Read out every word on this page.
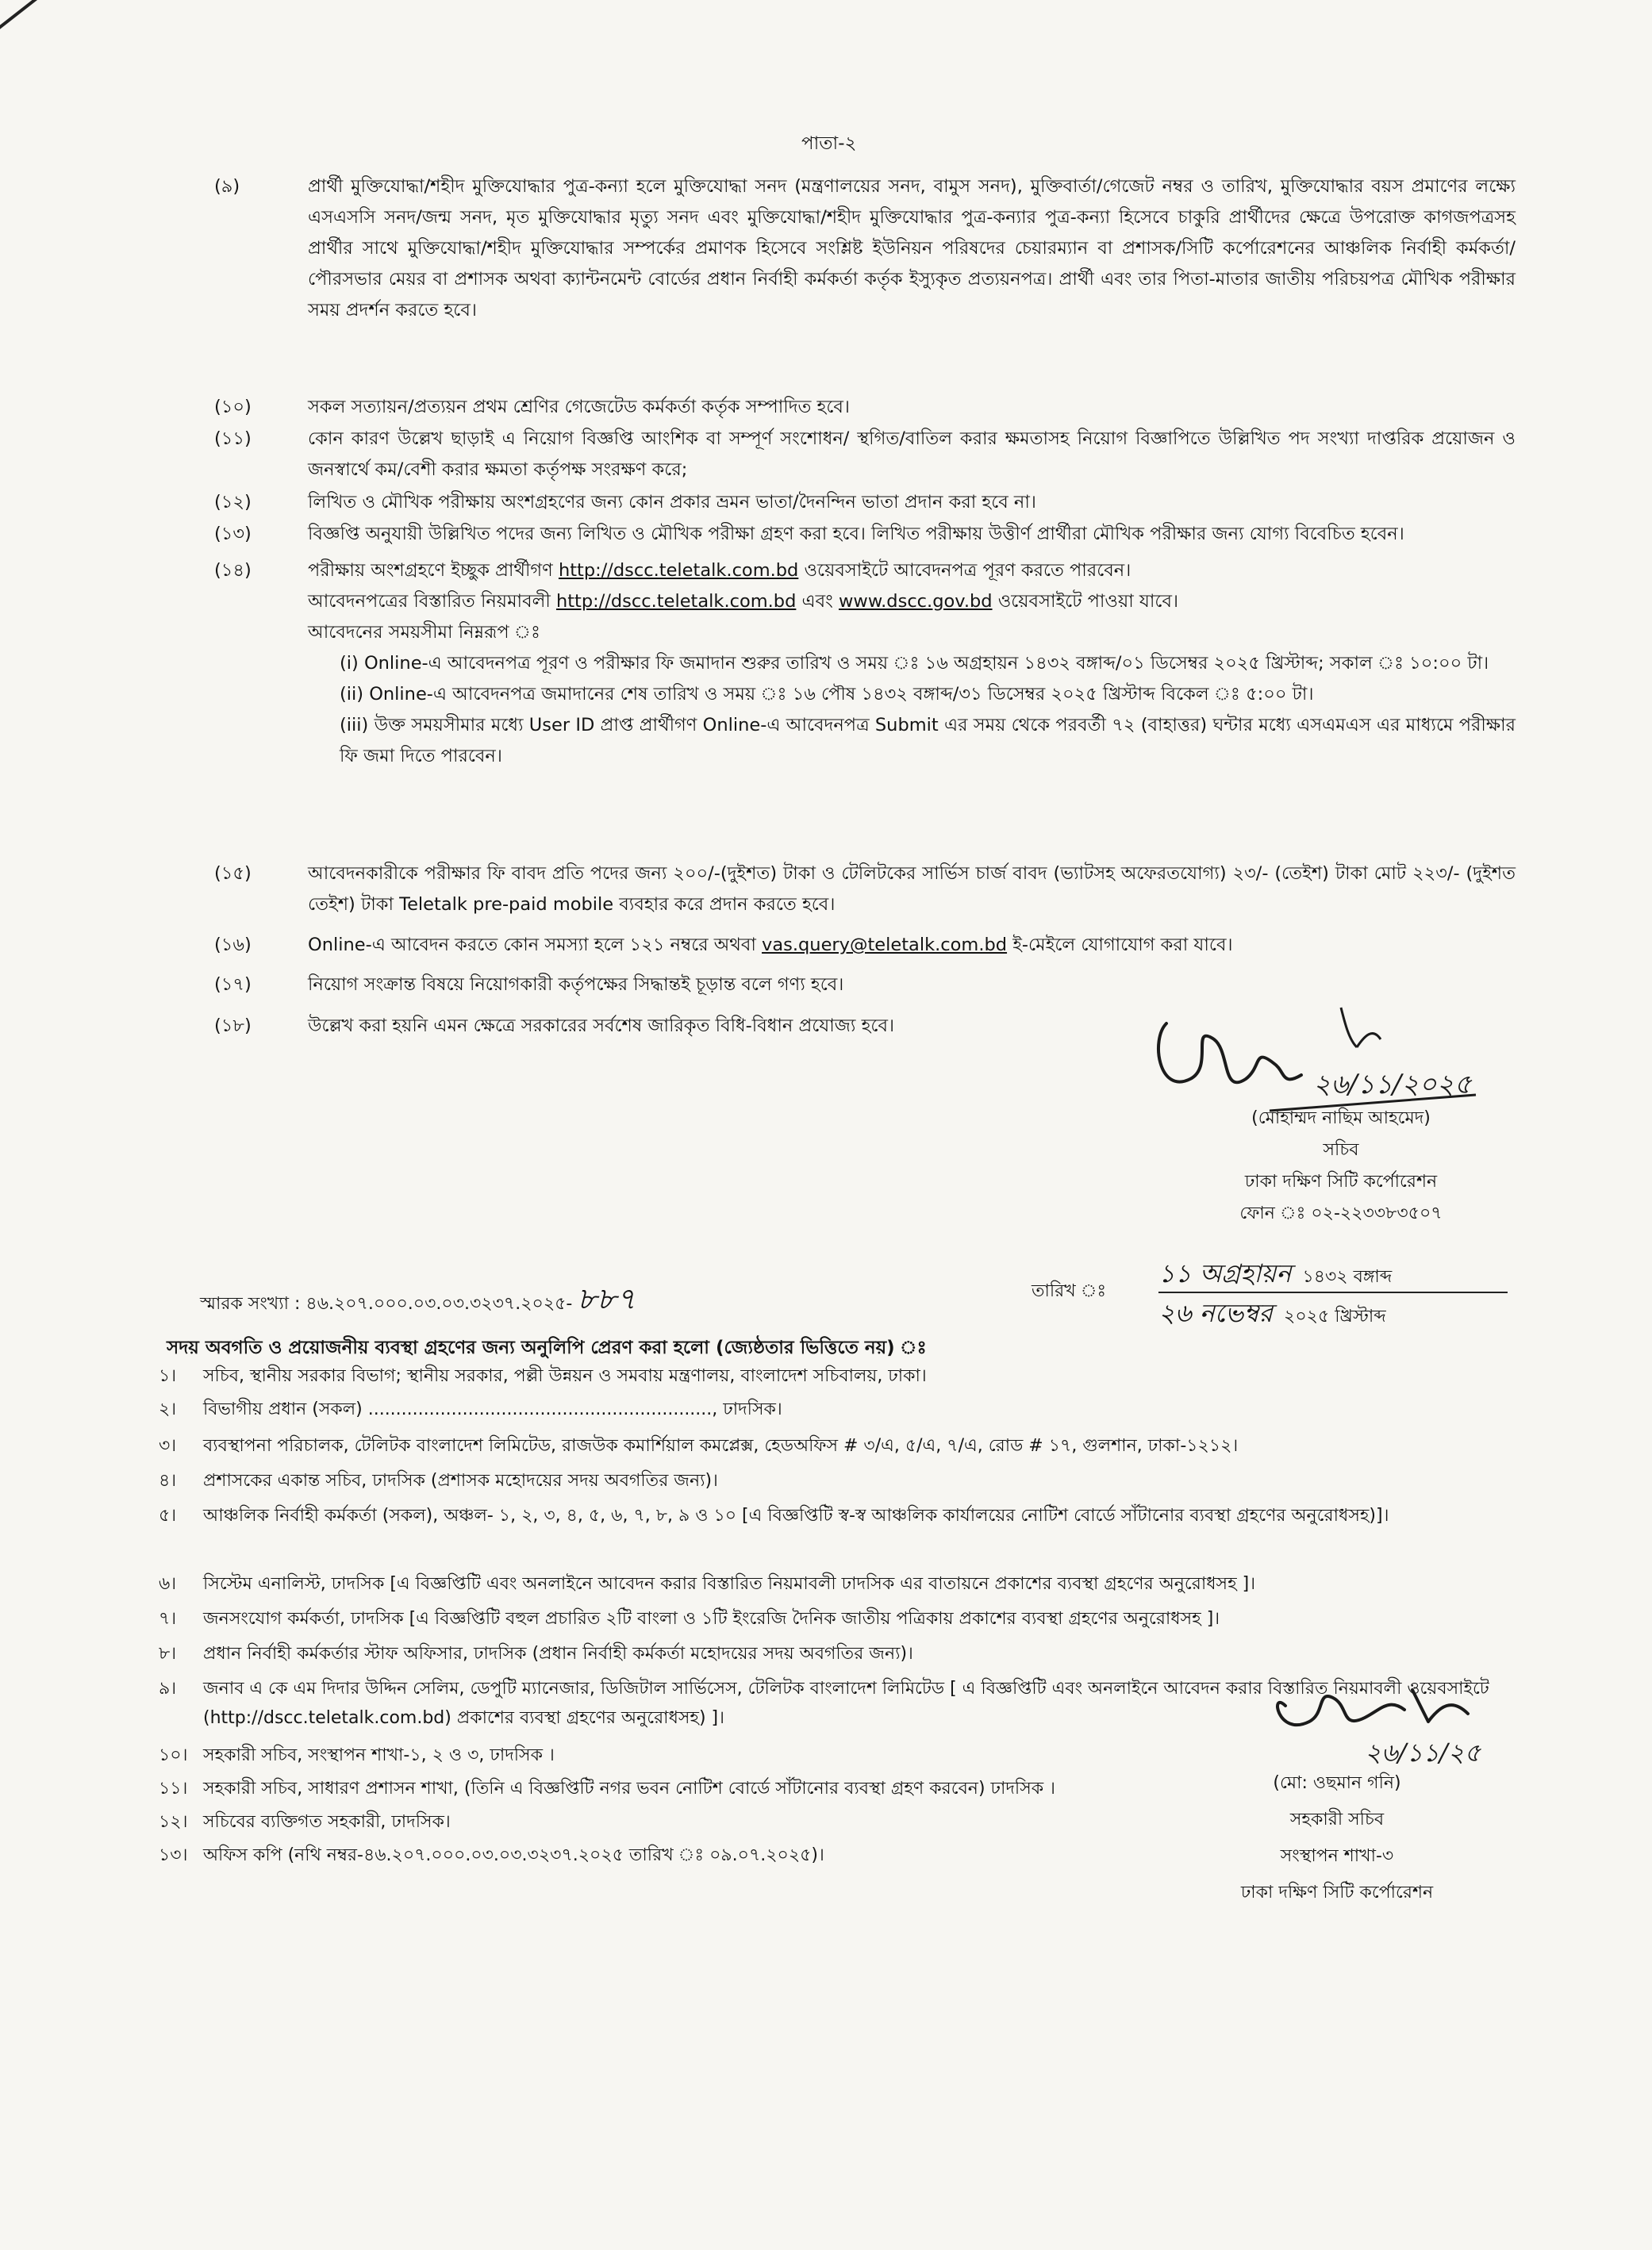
পাতা-২
(৯)	প্রার্থী মুক্তিযোদ্ধা/শহীদ মুক্তিযোদ্ধার পুত্র-কন্যা হলে মুক্তিযোদ্ধা সনদ (মন্ত্রণালয়ের সনদ, বামুস সনদ), মুক্তিবার্তা/গেজেট নম্বর ও তারিখ, মুক্তিযোদ্ধার বয়স প্রমাণের লক্ষ্যে এসএসসি সনদ/জন্ম সনদ, মৃত মুক্তিযোদ্ধার মৃত্যু সনদ এবং মুক্তিযোদ্ধা/শহীদ মুক্তিযোদ্ধার পুত্র-কন্যার পুত্র-কন্যা হিসেবে চাকুরি প্রার্থীদের ক্ষেত্রে উপরোক্ত কাগজপত্রসহ প্রার্থীর সাথে মুক্তিযোদ্ধা/শহীদ মুক্তিযোদ্ধার সম্পর্কের প্রমাণক হিসেবে সংশ্লিষ্ট ইউনিয়ন পরিষদের চেয়ারম্যান বা প্রশাসক/সিটি কর্পোরেশনের আঞ্চলিক নির্বাহী কর্মকর্তা/পৌরসভার মেয়র বা প্রশাসক অথবা ক্যান্টনমেন্ট বোর্ডের প্রধান নির্বাহী কর্মকর্তা কর্তৃক ইস্যুকৃত প্রত্যয়নপত্র। প্রার্থী এবং তার পিতা-মাতার জাতীয় পরিচয়পত্র মৌখিক পরীক্ষার সময় প্রদর্শন করতে হবে।
(১০)	সকল সত্যায়ন/প্রত্যয়ন প্রথম শ্রেণির গেজেটেড কর্মকর্তা কর্তৃক সম্পাদিত হবে।
(১১)	কোন কারণ উল্লেখ ছাড়াই এ নিয়োগ বিজ্ঞপ্তি আংশিক বা সম্পূর্ণ সংশোধন/ স্থগিত/বাতিল করার ক্ষমতাসহ নিয়োগ বিজ্ঞাপিতে উল্লিখিত পদ সংখ্যা দাপ্তরিক প্রয়োজন ও জনস্বার্থে কম/বেশী করার ক্ষমতা কর্তৃপক্ষ সংরক্ষণ করে;
(১২)	লিখিত ও মৌখিক পরীক্ষায় অংশগ্রহণের জন্য কোন প্রকার ভ্রমন ভাতা/দৈনন্দিন ভাতা প্রদান করা হবে না।
(১৩)	বিজ্ঞপ্তি অনুযায়ী উল্লিখিত পদের জন্য লিখিত ও মৌখিক পরীক্ষা গ্রহণ করা হবে। লিখিত পরীক্ষায় উত্তীর্ণ প্রার্থীরা মৌখিক পরীক্ষার জন্য যোগ্য বিবেচিত হবেন।
(১৪)	পরীক্ষায় অংশগ্রহণে ইচ্ছুক প্রার্থীগণ http://dscc.teletalk.com.bd ওয়েবসাইটে আবেদনপত্র পূরণ করতে পারবেন।
আবেদনপত্রের বিস্তারিত নিয়মাবলী http://dscc.teletalk.com.bd এবং www.dscc.gov.bd ওয়েবসাইটে পাওয়া যাবে।
আবেদনের সময়সীমা নিম্নরূপ ঃ
(i) Online-এ আবেদনপত্র পূরণ ও পরীক্ষার ফি জমাদান শুরুর তারিখ ও সময় ঃ ১৬ অগ্রহায়ন ১৪৩২ বঙ্গাব্দ/০১ ডিসেম্বর ২০২৫ খ্রিস্টাব্দ; সকাল ঃ ১০:০০ টা।
(ii) Online-এ আবেদনপত্র জমাদানের শেষ তারিখ ও সময় ঃ ১৬ পৌষ ১৪৩২ বঙ্গাব্দ/৩১ ডিসেম্বর ২০২৫ খ্রিস্টাব্দ বিকেল ঃ ৫:০০ টা।
(iii) উক্ত সময়সীমার মধ্যে User ID প্রাপ্ত প্রার্থীগণ Online-এ আবেদনপত্র Submit এর সময় থেকে পরবর্তী ৭২ (বাহাত্তর) ঘন্টার মধ্যে এসএমএস এর মাধ্যমে পরীক্ষার ফি জমা দিতে পারবেন।
(১৫)	আবেদনকারীকে পরীক্ষার ফি বাবদ প্রতি পদের জন্য ২০০/-(দুইশত) টাকা ও টেলিটকের সার্ভিস চার্জ বাবদ (ভ্যাটসহ অফেরতযোগ্য) ২৩/- (তেইশ) টাকা মোট ২২৩/- (দুইশত তেইশ) টাকা Teletalk pre-paid mobile ব্যবহার করে প্রদান করতে হবে।
(১৬)	Online-এ আবেদন করতে কোন সমস্যা হলে ১২১ নম্বরে অথবা vas.query@teletalk.com.bd ই-মেইলে যোগাযোগ করা যাবে।
(১৭)	নিয়োগ সংক্রান্ত বিষয়ে নিয়োগকারী কর্তৃপক্ষের সিদ্ধান্তই চূড়ান্ত বলে গণ্য হবে।
(১৮)	উল্লেখ করা হয়নি এমন ক্ষেত্রে সরকারের সর্বশেষ জারিকৃত বিধি-বিধান প্রযোজ্য হবে।
২৬/১১/২০২৫
(মোহাম্মদ নাছিম আহমেদ)
সচিব
ঢাকা দক্ষিণ সিটি কর্পোরেশন
ফোন ঃ ০২-২২৩৩৮৩৫০৭
স্মারক সংখ্যা : ৪৬.২০৭.০০০.০৩.০৩.৩২৩৭.২০২৫- ৮৮৭	তারিখ ঃ
১১ অগ্রহায়ন ১৪৩২ বঙ্গাব্দ
২৬ নভেম্বর ২০২৫ খ্রিস্টাব্দ
সদয় অবগতি ও প্রয়োজনীয় ব্যবস্থা গ্রহণের জন্য অনুলিপি প্রেরণ করা হলো (জ্যেষ্ঠতার ভিত্তিতে নয়) ঃ
১।	সচিব, স্থানীয় সরকার বিভাগ; স্থানীয় সরকার, পল্লী উন্নয়ন ও সমবায় মন্ত্রণালয়, বাংলাদেশ সচিবালয়, ঢাকা।
২।	বিভাগীয় প্রধান (সকল) .............................................................., ঢাদসিক।
৩।	ব্যবস্থাপনা পরিচালক, টেলিটক বাংলাদেশ লিমিটেড, রাজউক কমার্শিয়াল কমপ্লেক্স, হেডঅফিস # ৩/এ, ৫/এ, ৭/এ, রোড # ১৭, গুলশান, ঢাকা-১২১২।
৪।	প্রশাসকের একান্ত সচিব, ঢাদসিক (প্রশাসক মহোদয়ের সদয় অবগতির জন্য)।
৫।	আঞ্চলিক নির্বাহী কর্মকর্তা (সকল), অঞ্চল- ১, ২, ৩, ৪, ৫, ৬, ৭, ৮, ৯ ও ১০ [এ বিজ্ঞপ্তিটি স্ব-স্ব আঞ্চলিক কার্যালয়ের নোটিশ বোর্ডে সাঁটানোর ব্যবস্থা গ্রহণের অনুরোধসহ)]।
৬।	সিস্টেম এনালিস্ট, ঢাদসিক [এ বিজ্ঞপ্তিটি এবং অনলাইনে আবেদন করার বিস্তারিত নিয়মাবলী ঢাদসিক এর বাতায়নে প্রকাশের ব্যবস্থা গ্রহণের অনুরোধসহ ]।
৭।	জনসংযোগ কর্মকর্তা, ঢাদসিক [এ বিজ্ঞপ্তিটি বহুল প্রচারিত ২টি বাংলা ও ১টি ইংরেজি দৈনিক জাতীয় পত্রিকায় প্রকাশের ব্যবস্থা গ্রহণের অনুরোধসহ ]।
৮।	প্রধান নির্বাহী কর্মকর্তার স্টাফ অফিসার, ঢাদসিক (প্রধান নির্বাহী কর্মকর্তা মহোদয়ের সদয় অবগতির জন্য)।
৯।	জনাব এ কে এম দিদার উদ্দিন সেলিম, ডেপুটি ম্যানেজার, ডিজিটাল সার্ভিসেস, টেলিটক বাংলাদেশ লিমিটেড [ এ বিজ্ঞপ্তিটি এবং অনলাইনে আবেদন করার বিস্তারিত নিয়মাবলী ওয়েবসাইটে (http://dscc.teletalk.com.bd) প্রকাশের ব্যবস্থা গ্রহণের অনুরোধসহ) ]।
১০। সহকারী সচিব, সংস্থাপন শাখা-১, ২ ও ৩, ঢাদসিক ।
১১। সহকারী সচিব, সাধারণ প্রশাসন শাখা, (তিনি এ বিজ্ঞপ্তিটি নগর ভবন নোটিশ বোর্ডে সাঁটানোর ব্যবস্থা গ্রহণ করবেন) ঢাদসিক ।
১২। সচিবের ব্যক্তিগত সহকারী, ঢাদসিক।
১৩। অফিস কপি (নথি নম্বর-৪৬.২০৭.০০০.০৩.০৩.৩২৩৭.২০২৫ তারিখ ঃ ০৯.০৭.২০২৫)।
২৬/১১/২৫
(মো: ওছমান গনি)
সহকারী সচিব
সংস্থাপন শাখা-৩
ঢাকা দক্ষিণ সিটি কর্পোরেশন
